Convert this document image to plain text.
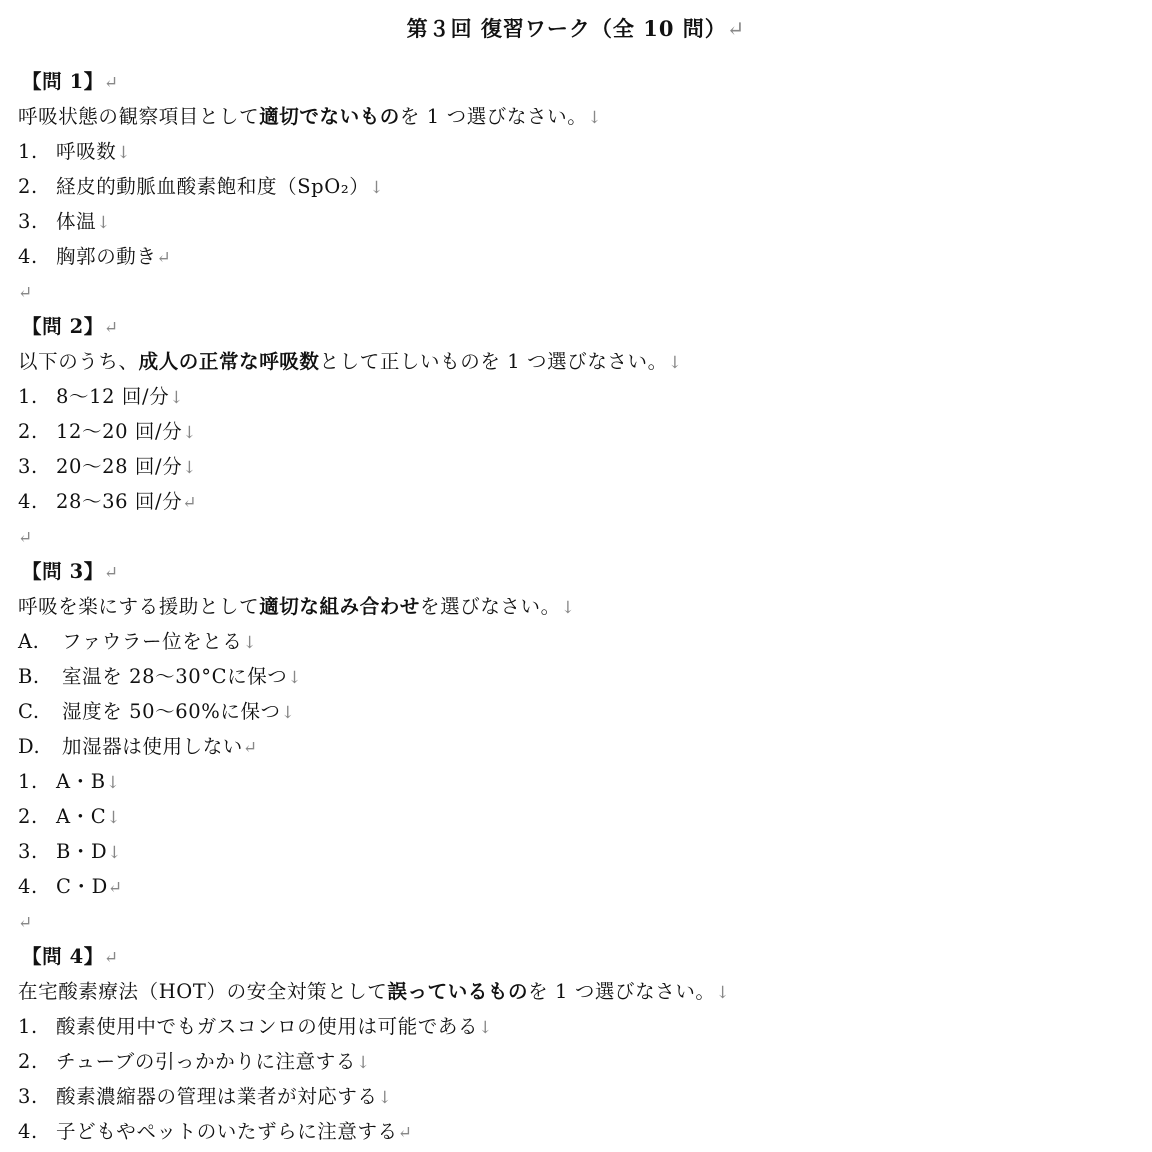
第３回 復習ワーク（全 10 問）↵
【問 1】↵
呼吸状態の観察項目として適切でないものを 1 つ選びなさい。↓
1. 呼吸数↓
2. 経皮的動脈血酸素飽和度（SpO₂）↓
3. 体温↓
4. 胸郭の動き↵
↵
【問 2】↵
以下のうち、成人の正常な呼吸数として正しいものを 1 つ選びなさい。↓
1. 8〜12 回/分↓
2. 12〜20 回/分↓
3. 20〜28 回/分↓
4. 28〜36 回/分↵
↵
【問 3】↵
呼吸を楽にする援助として適切な組み合わせを選びなさい。↓
A. ファウラー位をとる↓
B. 室温を 28〜30°Cに保つ↓
C. 湿度を 50〜60%に保つ↓
D. 加湿器は使用しない↵
1. A・B↓
2. A・C↓
3. B・D↓
4. C・D↵
↵
【問 4】↵
在宅酸素療法（HOT）の安全対策として誤っているものを 1 つ選びなさい。↓
1. 酸素使用中でもガスコンロの使用は可能である↓
2. チューブの引っかかりに注意する↓
3. 酸素濃縮器の管理は業者が対応する↓
4. 子どもやペットのいたずらに注意する↵
